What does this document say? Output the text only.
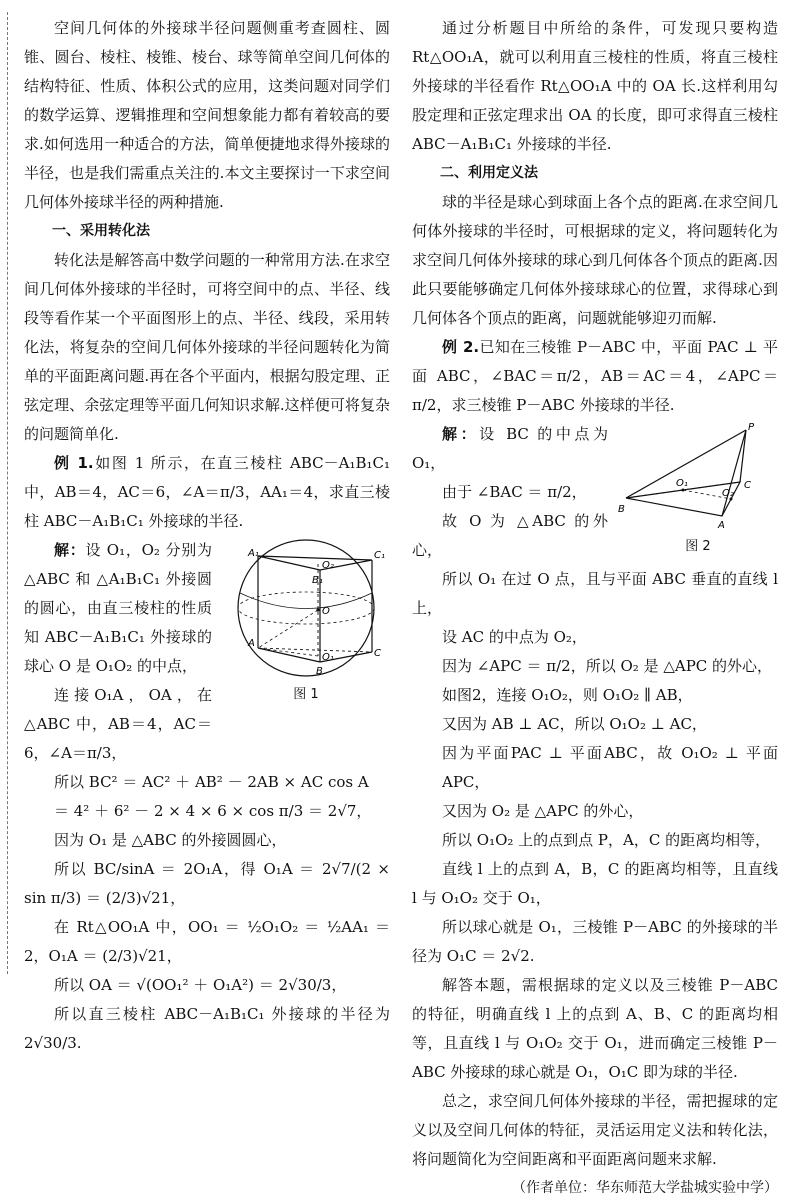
空间几何体的外接球半径问题侧重考查圆柱、圆锥、圆台、棱柱、棱锥、棱台、球等简单空间几何体的结构特征、性质、体积公式的应用，这类问题对同学们的数学运算、逻辑推理和空间想象能力都有着较高的要求.如何选用一种适合的方法，简单便捷地求得外接球的半径，也是我们需重点关注的.本文主要探讨一下求空间几何体外接球半径的两种措施.

一、采用转化法

转化法是解答高中数学问题的一种常用方法.在求空间几何体外接球的半径时，可将空间中的点、半径、线段等看作某一个平面图形上的点、半径、线段，采用转化法，将复杂的空间几何体外接球的半径问题转化为简单的平面距离问题.再在各个平面内，根据勾股定理、正弦定理、余弦定理等平面几何知识求解.这样便可将复杂的问题简单化.

例 1.如图 1 所示，在直三棱柱 ABC－A₁B₁C₁ 中，AB＝4，AC＝6，∠A＝π/3，AA₁＝4，求直三棱柱 ABC－A₁B₁C₁ 外接球的半径.

解：设 O₁，O₂ 分别为 △ABC 和 △A₁B₁C₁ 外接圆的圆心，由直三棱柱的性质知 ABC－A₁B₁C₁ 外接球的球心 O 是 O₁O₂ 的中点，

连接O₁A，OA，在△ABC 中，AB＝4，AC＝6，∠A＝π/3，

A₁
B₁
C₁
A
B
C
O
O₁
O₂
图 1

所以 BC² ＝ AC² ＋ AB² － 2AB × AC cos A

＝ 4² ＋ 6² － 2 × 4 × 6 × cos π/3 ＝ 2√7，

因为 O₁ 是 △ABC 的外接圆圆心，

所以 BC/sinA ＝ 2O₁A，得 O₁A ＝ 2√7/(2 × sin π/3) ＝ (2/3)√21，

在 Rt△OO₁A 中，OO₁ ＝ ½O₁O₂ ＝ ½AA₁ ＝ 2，O₁A ＝ (2/3)√21，

所以 OA ＝ √(OO₁² ＋ O₁A²) ＝ 2√30/3，

所以直三棱柱 ABC－A₁B₁C₁ 外接球的半径为 2√30/3.

通过分析题目中所给的条件，可发现只要构造 Rt△OO₁A，就可以利用直三棱柱的性质，将直三棱柱外接球的半径看作 Rt△OO₁A 中的 OA 长.这样利用勾股定理和正弦定理求出 OA 的长度，即可求得直三棱柱 ABC－A₁B₁C₁ 外接球的半径.

二、利用定义法

球的半径是球心到球面上各个点的距离.在求空间几何体外接球的半径时，可根据球的定义，将问题转化为求空间几何体外接球的球心到几何体各个顶点的距离.因此只要能够确定几何体外接球球心的位置，求得球心到几何体各个顶点的距离，问题就能够迎刃而解.

例 2.已知在三棱锥 P－ABC 中，平面 PAC ⊥ 平面 ABC，∠BAC＝π/2，AB＝AC＝4，∠APC＝π/2，求三棱锥 P－ABC 外接球的半径.

解：设 BC 的中点为 O₁，

由于 ∠BAC ＝ π/2，

故 O 为 △ABC 的外心，

P
B
C
A
O₁
O₂
图 2

所以 O₁ 在过 O 点，且与平面 ABC 垂直的直线 l 上，

设 AC 的中点为 O₂，

因为 ∠APC ＝ π/2，所以 O₂ 是 △APC 的外心，

如图2，连接 O₁O₂，则 O₁O₂ ∥ AB，

又因为 AB ⊥ AC，所以 O₁O₂ ⊥ AC，

因为平面PAC ⊥ 平面ABC，故 O₁O₂ ⊥ 平面APC，

又因为 O₂ 是 △APC 的外心，

所以 O₁O₂ 上的点到点 P，A，C 的距离均相等，

直线 l 上的点到 A，B，C 的距离均相等，且直线 l 与 O₁O₂ 交于 O₁，

所以球心就是 O₁，三棱锥 P－ABC 的外接球的半径为 O₁C ＝ 2√2.

解答本题，需根据球的定义以及三棱锥 P－ABC 的特征，明确直线 l 上的点到 A、B、C 的距离均相等，且直线 l 与 O₁O₂ 交于 O₁，进而确定三棱锥 P－ABC 外接球的球心就是 O₁，O₁C 即为球的半径.

总之，求空间几何体外接球的半径，需把握球的定义以及空间几何体的特征，灵活运用定义法和转化法，将问题简化为空间距离和平面距离问题来求解.

（作者单位：华东师范大学盐城实验中学）
